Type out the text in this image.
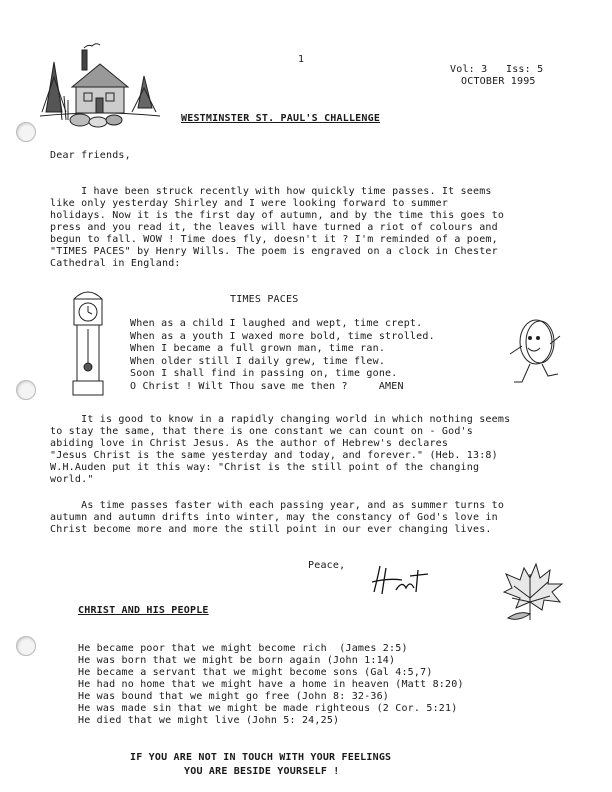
1
Vol: 3   Iss: 5
OCTOBER 1995
WESTMINSTER ST. PAUL'S CHALLENGE
Dear friends,
I have been struck recently with how quickly time passes. It seems
like only yesterday Shirley and I were looking forward to summer
holidays. Now it is the first day of autumn, and by the time this goes to
press and you read it, the leaves will have turned a riot of colours and
begun to fall. WOW ! Time does fly, doesn't it ? I'm reminded of a poem,
"TIMES PACES" by Henry Wills. The poem is engraved on a clock in Chester
Cathedral in England:
TIMES PACES
When as a child I laughed and wept, time crept.
When as a youth I waxed more bold, time strolled.
When I became a full grown man, time ran.
When older still I daily grew, time flew.
Soon I shall find in passing on, time gone.
O Christ ! Wilt Thou save me then ?     AMEN
It is good to know in a rapidly changing world in which nothing seems
to stay the same, that there is one constant we can count on - God's
abiding love in Christ Jesus. As the author of Hebrew's declares
"Jesus Christ is the same yesterday and today, and forever." (Heb. 13:8)
W.H.Auden put it this way: "Christ is the still point of the changing
world."
As time passes faster with each passing year, and as summer turns to
autumn and autumn drifts into winter, may the constancy of God's love in
Christ become more and more the still point in our ever changing lives.
Peace,
CHRIST AND HIS PEOPLE
He became poor that we might become rich  (James 2:5)
He was born that we might be born again (John 1:14)
He became a servant that we might become sons (Gal 4:5,7)
He had no home that we might have a home in heaven (Matt 8:20)
He was bound that we might go free (John 8: 32-36)
He was made sin that we might be made righteous (2 Cor. 5:21)
He died that we might live (John 5: 24,25)
IF YOU ARE NOT IN TOUCH WITH YOUR FEELINGS
YOU ARE BESIDE YOURSELF !
